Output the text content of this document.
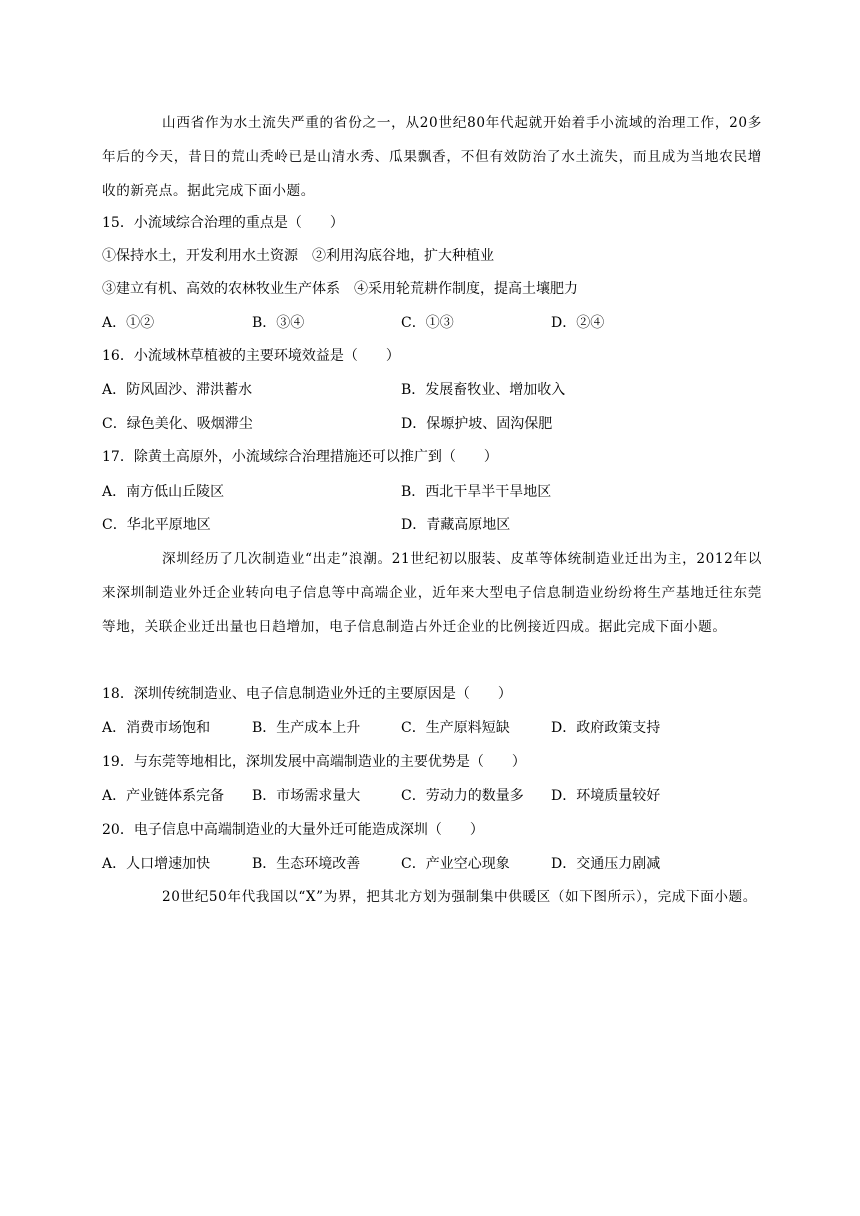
山西省作为水土流失严重的省份之一，从20世纪80年代起就开始着手小流域的治理工作，20多年后的今天，昔日的荒山秃岭已是山清水秀、瓜果飘香，不但有效防治了水土流失，而且成为当地农民增收的新亮点。据此完成下面小题。
15．小流域综合治理的重点是（　　）
①保持水土，开发利用水土资源　②利用沟底谷地，扩大种植业
③建立有机、高效的农林牧业生产体系　④采用轮荒耕作制度，提高土壤肥力
A．①②	B．③④	C．①③	D．②④
16．小流域林草植被的主要环境效益是（　　）
A．防风固沙、滞洪蓄水	B．发展畜牧业、增加收入
C．绿色美化、吸烟滞尘	D．保塬护坡、固沟保肥
17．除黄土高原外，小流域综合治理措施还可以推广到（　　）
A．南方低山丘陵区	B．西北干旱半干旱地区
C．华北平原地区	D．青藏高原地区
深圳经历了几次制造业“出走”浪潮。21世纪初以服装、皮革等体统制造业迁出为主，2012年以来深圳制造业外迁企业转向电子信息等中高端企业，近年来大型电子信息制造业纷纷将生产基地迁往东莞等地，关联企业迁出量也日趋增加，电子信息制造占外迁企业的比例接近四成。据此完成下面小题。
18．深圳传统制造业、电子信息制造业外迁的主要原因是（　　）
A．消费市场饱和	B．生产成本上升	C．生产原料短缺	D．政府政策支持
19．与东莞等地相比，深圳发展中高端制造业的主要优势是（　　）
A．产业链体系完备 B．市场需求量大	C．劳动力的数量多 D．环境质量较好
20．电子信息中高端制造业的大量外迁可能造成深圳（　　）
A．人口增速加快	B．生态环境改善	C．产业空心现象	D．交通压力剧减
20世纪50年代我国以“X”为界，把其北方划为强制集中供暖区（如下图所示），完成下面小题。
